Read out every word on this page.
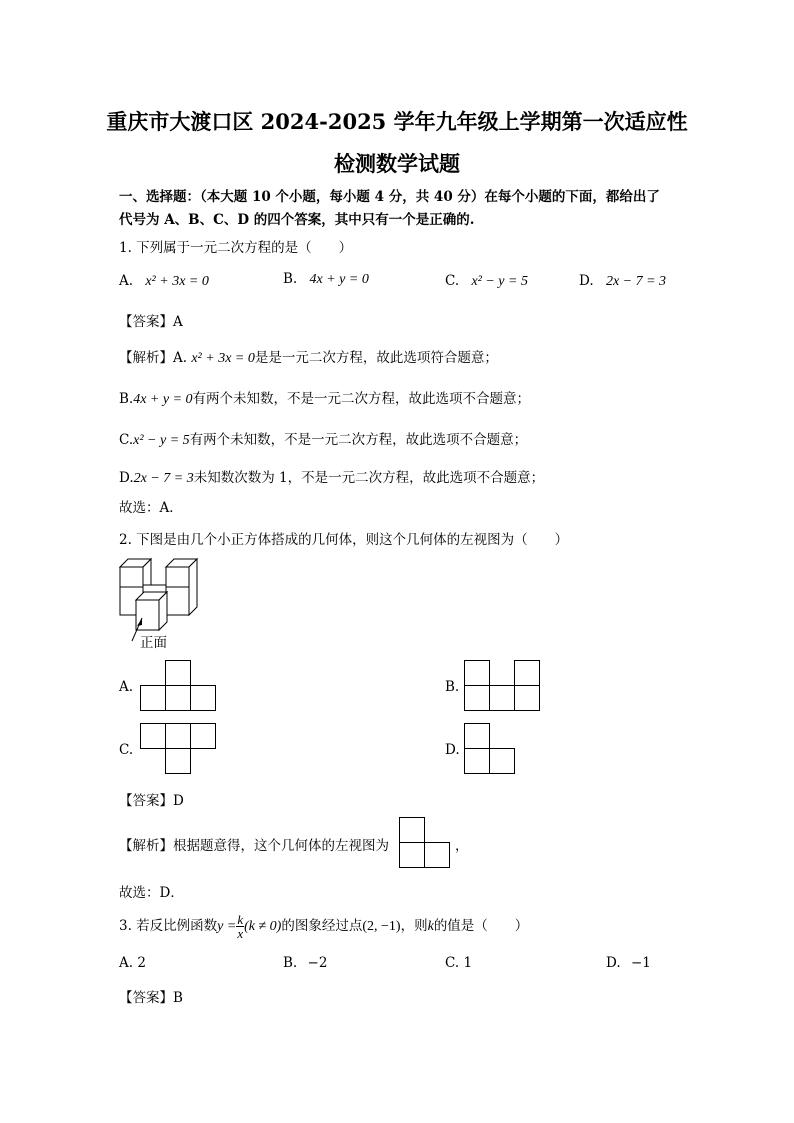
重庆市大渡口区 2024-2025 学年九年级上学期第一次适应性
检测数学试题
一、选择题：（本大题 10 个小题，每小题 4 分，共 40 分）在每个小题的下面，都给出了
代号为 A、B、C、D 的四个答案，其中只有一个是正确的.
1. 下列属于一元二次方程的是（　　）
A. x² + 3x = 0	B. 4x + y = 0	C. x² − y = 5	D. 2x − 7 = 3
【答案】A
【解析】A. x² + 3x = 0是是一元二次方程，故此选项符合题意；
B.4x + y = 0有两个未知数，不是一元二次方程，故此选项不合题意；
C.x² − y = 5有两个未知数，不是一元二次方程，故此选项不合题意；
D.2x − 7 = 3未知数次数为 1，不是一元二次方程，故此选项不合题意；
故选：A．
2. 下图是由几个小正方体搭成的几何体，则这个几何体的左视图为（　　）
正面
A.	B.
C.	D.
【答案】D
【解析】根据题意得，这个几何体的左视图为	，
故选：D．
3. 若反比例函数$y = \frac{k}{x} (k \ne 0)$的图象经过点(2, −1)，则k的值是（　　）
A. 2	B. −2	C. 1	D. −1
【答案】B
